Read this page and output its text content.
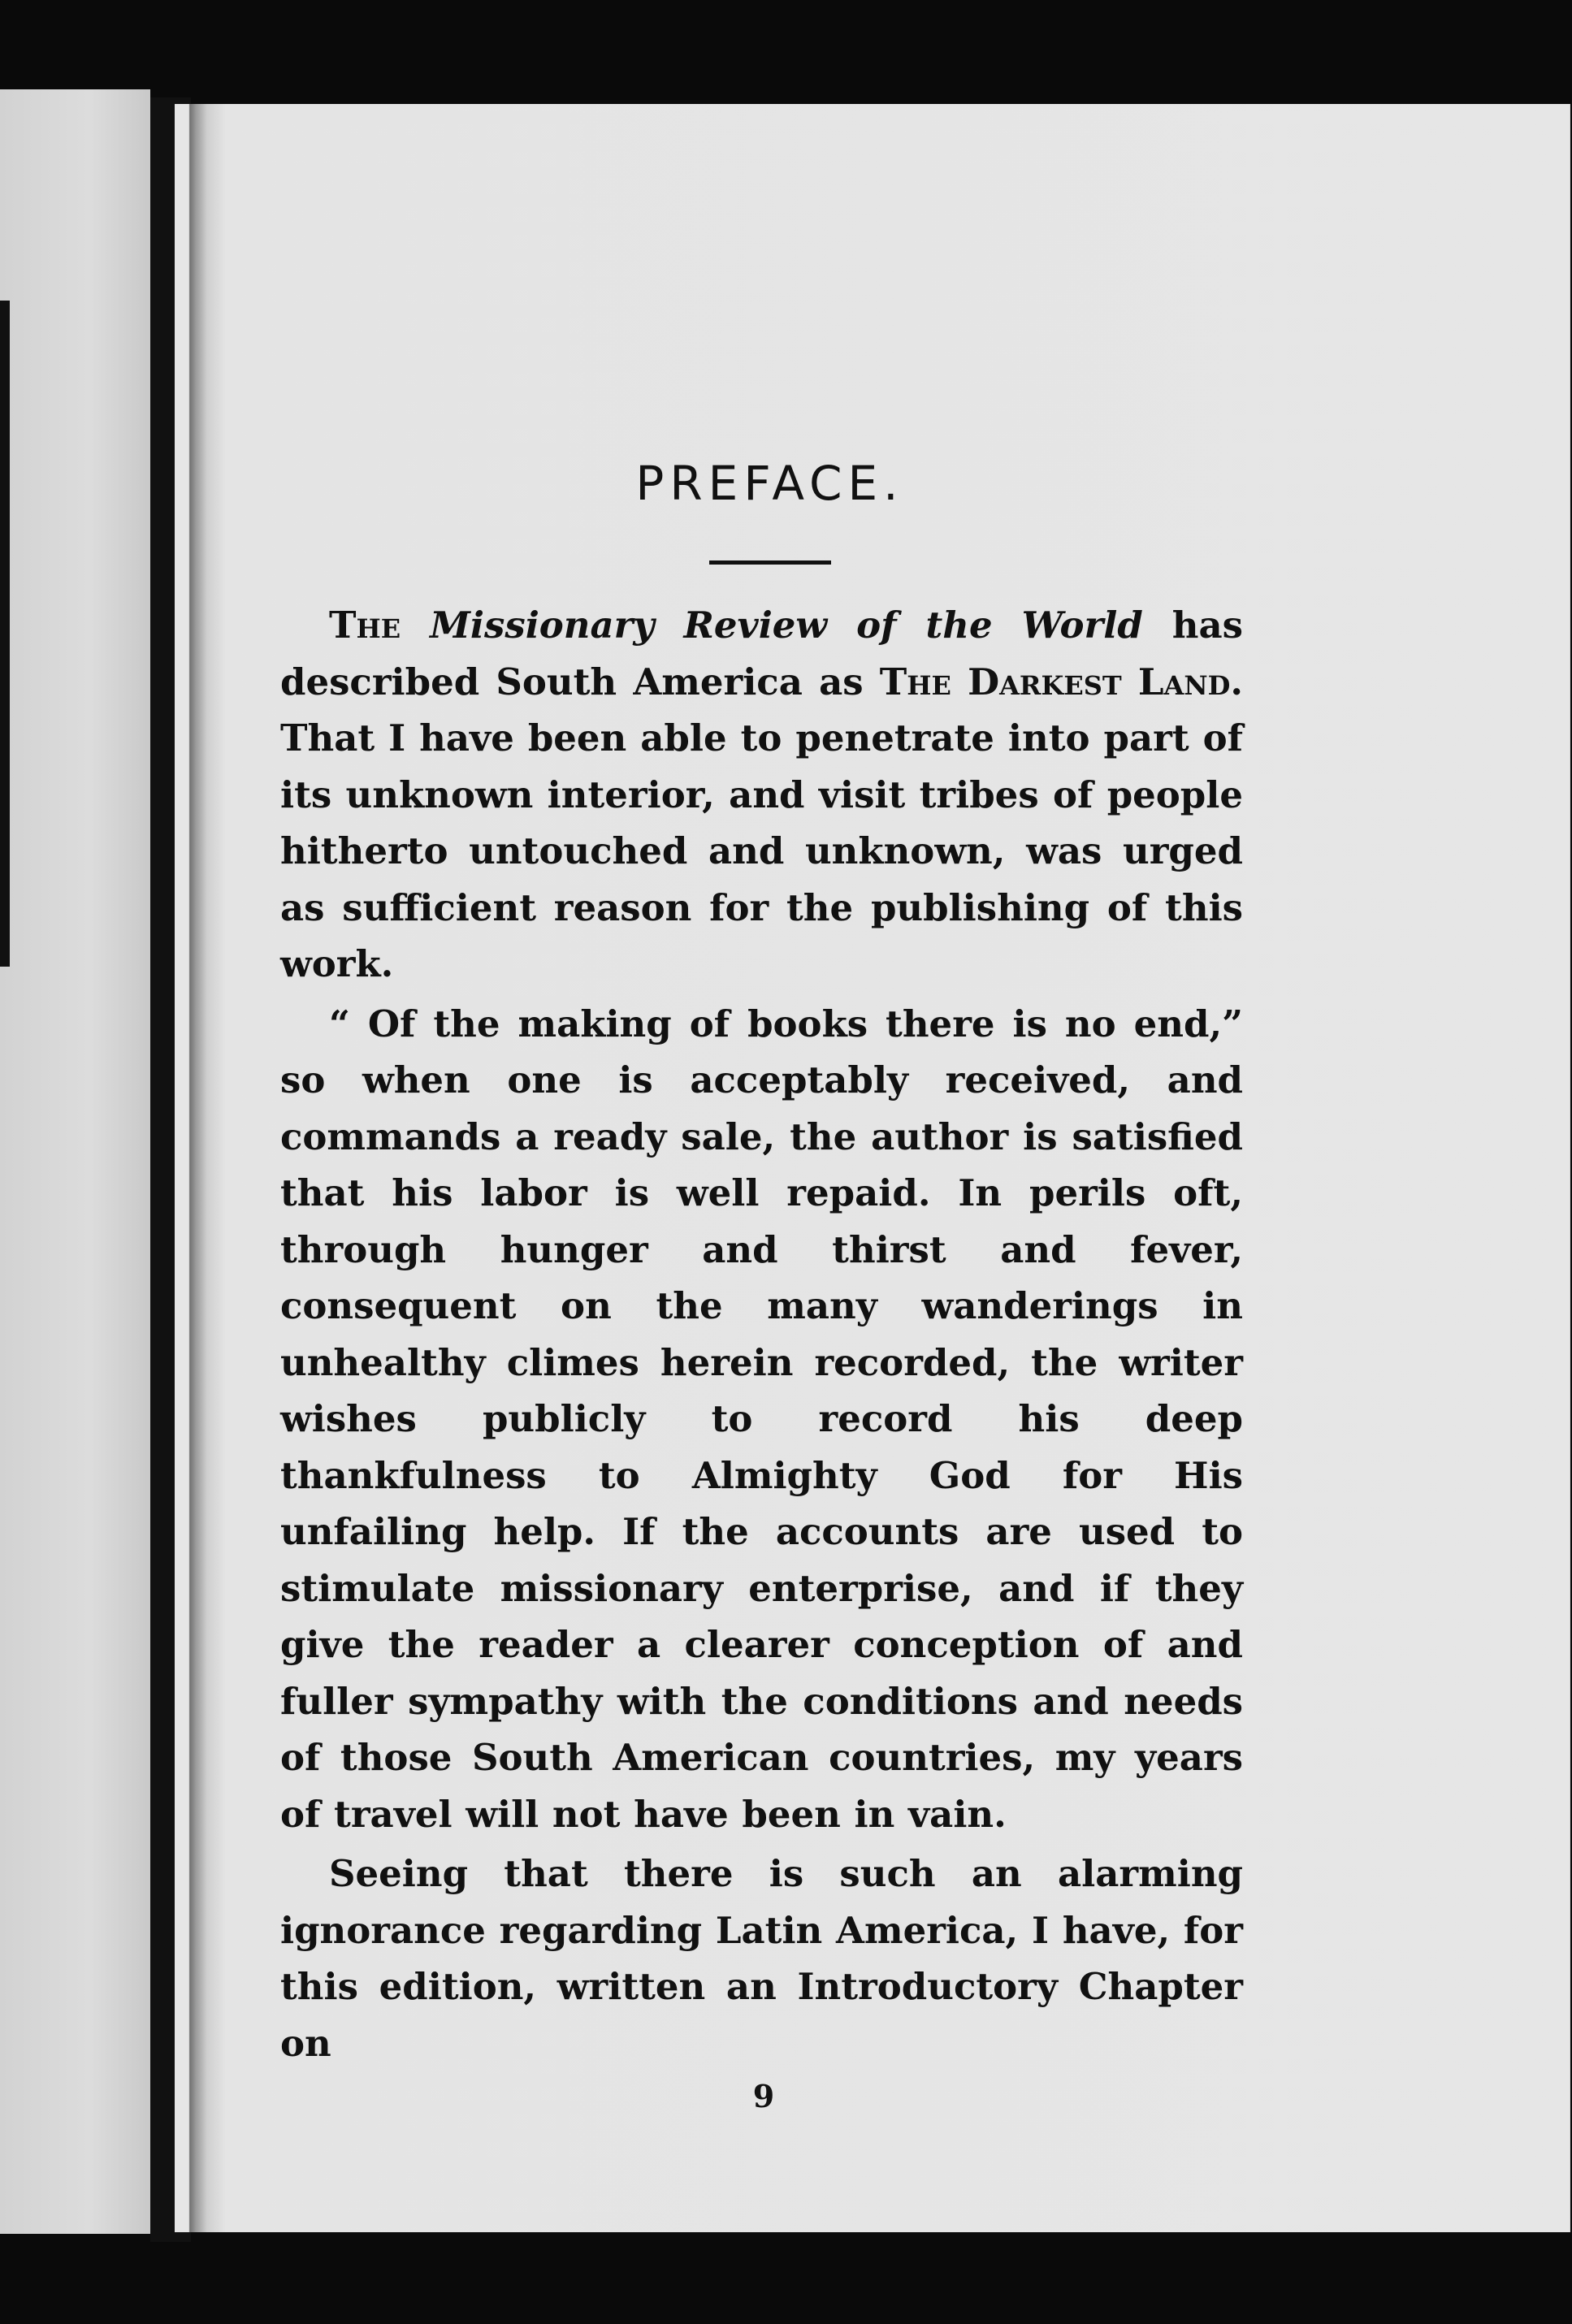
PREFACE.

The Missionary Review of the World has described South America as The Darkest Land. That I have been able to penetrate into part of its unknown interior, and visit tribes of people hitherto untouched and unknown, was urged as sufficient reason for the publishing of this work.

“ Of the making of books there is no end,” so when one is acceptably received, and commands a ready sale, the author is satisfied that his labor is well repaid. In perils oft, through hunger and thirst and fever, consequent on the many wanderings in unhealthy climes herein recorded, the writer wishes publicly to record his deep thankfulness to Almighty God for His unfailing help. If the accounts are used to stimulate missionary enterprise, and if they give the reader a clearer conception of and fuller sympathy with the conditions and needs of those South American countries, my years of travel will not have been in vain.

Seeing that there is such an alarming ignorance regarding Latin America, I have, for this edition, written an Introductory Chapter on

9
